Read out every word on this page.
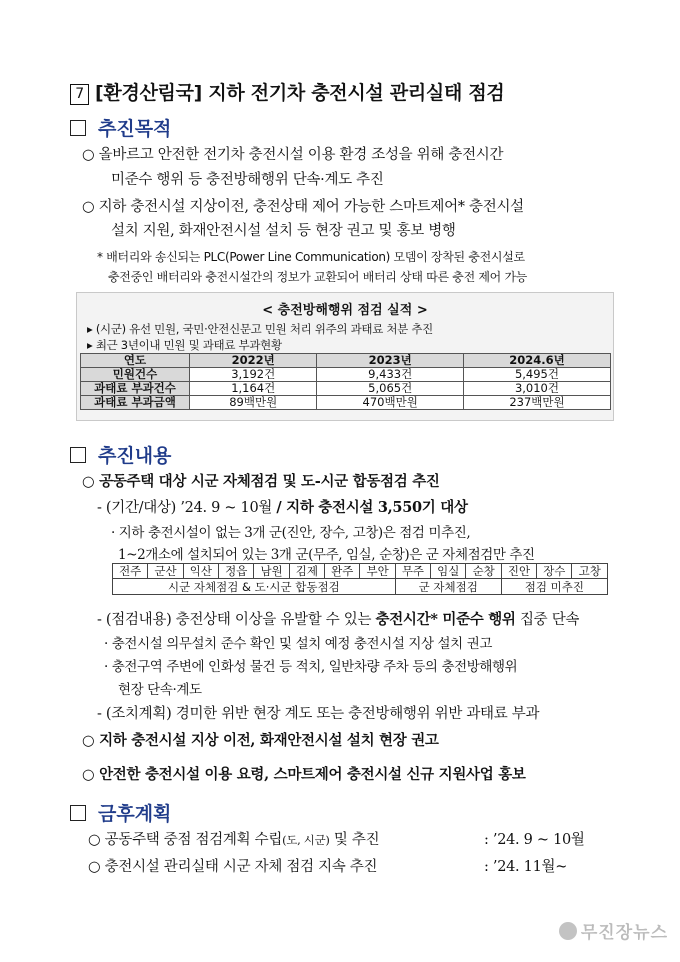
7 [환경산림국] 지하 전기차 충전시설 관리실태 점검
추진목적
○ 올바르고 안전한 전기차 충전시설 이용 환경 조성을 위해 충전시간
미준수 행위 등 충전방해행위 단속·계도 추진
○ 지하 충전시설 지상이전, 충전상태 제어 가능한 스마트제어* 충전시설
설치 지원, 화재안전시설 설치 등 현장 권고 및 홍보 병행
* 배터리와 송신되는 PLC(Power Line Communication) 모뎀이 장착된 충전시설로
충전중인 배터리와 충전시설간의 정보가 교환되어 배터리 상태 따른 충전 제어 가능
< 충전방해행위 점검 실적 >
▸ (시군) 유선 민원, 국민·안전신문고 민원 처리 위주의 과태료 처분 추진
▸ 최근 3년이내 민원 및 과태료 부과현황
연도	2022년	2023년	2024.6년
민원건수	3,192건	9,433건	5,495건
과태료 부과건수	1,164건	5,065건	3,010건
과태료 부과금액	89백만원	470백만원	237백만원
추진내용
○ 공동주택 대상 시군 자체점검 및 도-시군 합동점검 추진
- (기간/대상) ’24. 9 ~ 10월 / 지하 충전시설 3,550기 대상
· 지하 충전시설이 없는 3개 군(진안, 장수, 고창)은 점검 미추진,
1~2개소에 설치되어 있는 3개 군(무주, 임실, 순창)은 군 자체점검만 추진
전주	군산	익산	정읍	남원	김제	완주	부안	무주	임실	순창	진안	장수	고창
시군 자체점검 & 도·시군 합동점검								군 자체점검			점검 미추진		
- (점검내용) 충전상태 이상을 유발할 수 있는 충전시간* 미준수 행위 집중 단속
· 충전시설 의무설치 준수 확인 및 설치 예정 충전시설 지상 설치 권고
· 충전구역 주변에 인화성 물건 등 적치, 일반차량 주차 등의 충전방해행위
현장 단속·계도
- (조치계획) 경미한 위반 현장 계도 또는 충전방해행위 위반 과태료 부과
○ 지하 충전시설 지상 이전, 화재안전시설 설치 현장 권고
○ 안전한 충전시설 이용 요령, 스마트제어 충전시설 신규 지원사업 홍보
금후계획
○ 공동주택 중점 점검계획 수립(도, 시군) 및 추진	: ’24. 9 ~ 10월
○ 충전시설 관리실태 시군 자체 점검 지속 추진	: ’24. 11월~
무진장뉴스
